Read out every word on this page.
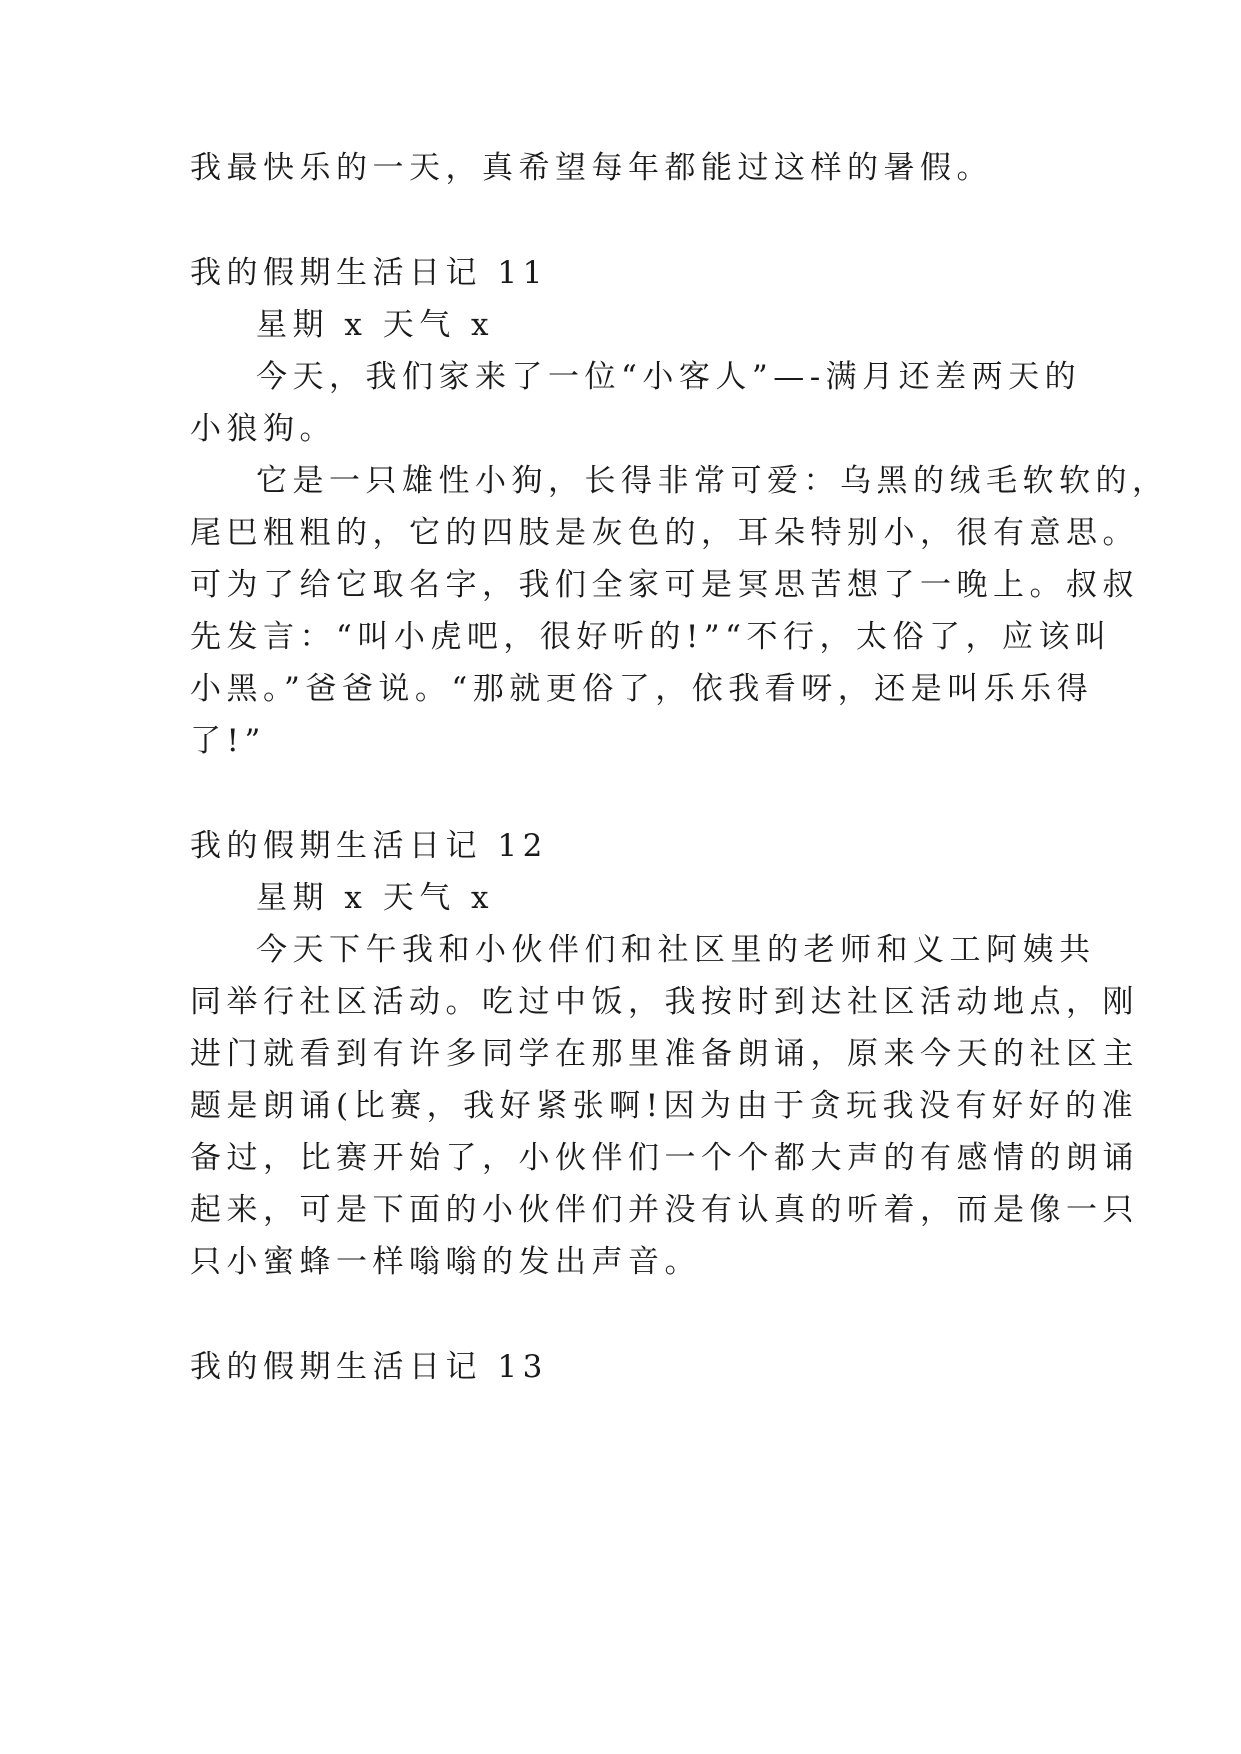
我最快乐的一天，真希望每年都能过这样的暑假。

我的假期生活日记 11

星期 x 天气 x

今天，我们家来了一位“小客人”—-满月还差两天的

小狼狗。

它是一只雄性小狗，长得非常可爱：乌黑的绒毛软软的，

尾巴粗粗的，它的四肢是灰色的，耳朵特别小，很有意思。

可为了给它取名字，我们全家可是冥思苦想了一晚上。叔叔

先发言：“叫小虎吧，很好听的!”“不行，太俗了，应该叫

小黑。”爸爸说。“那就更俗了，依我看呀，还是叫乐乐得

了!”

我的假期生活日记 12

星期 x 天气 x

今天下午我和小伙伴们和社区里的老师和义工阿姨共

同举行社区活动。吃过中饭，我按时到达社区活动地点，刚

进门就看到有许多同学在那里准备朗诵，原来今天的社区主

题是朗诵(比赛，我好紧张啊!因为由于贪玩我没有好好的准

备过，比赛开始了，小伙伴们一个个都大声的有感情的朗诵

起来，可是下面的小伙伴们并没有认真的听着，而是像一只

只小蜜蜂一样嗡嗡的发出声音。

我的假期生活日记 13
